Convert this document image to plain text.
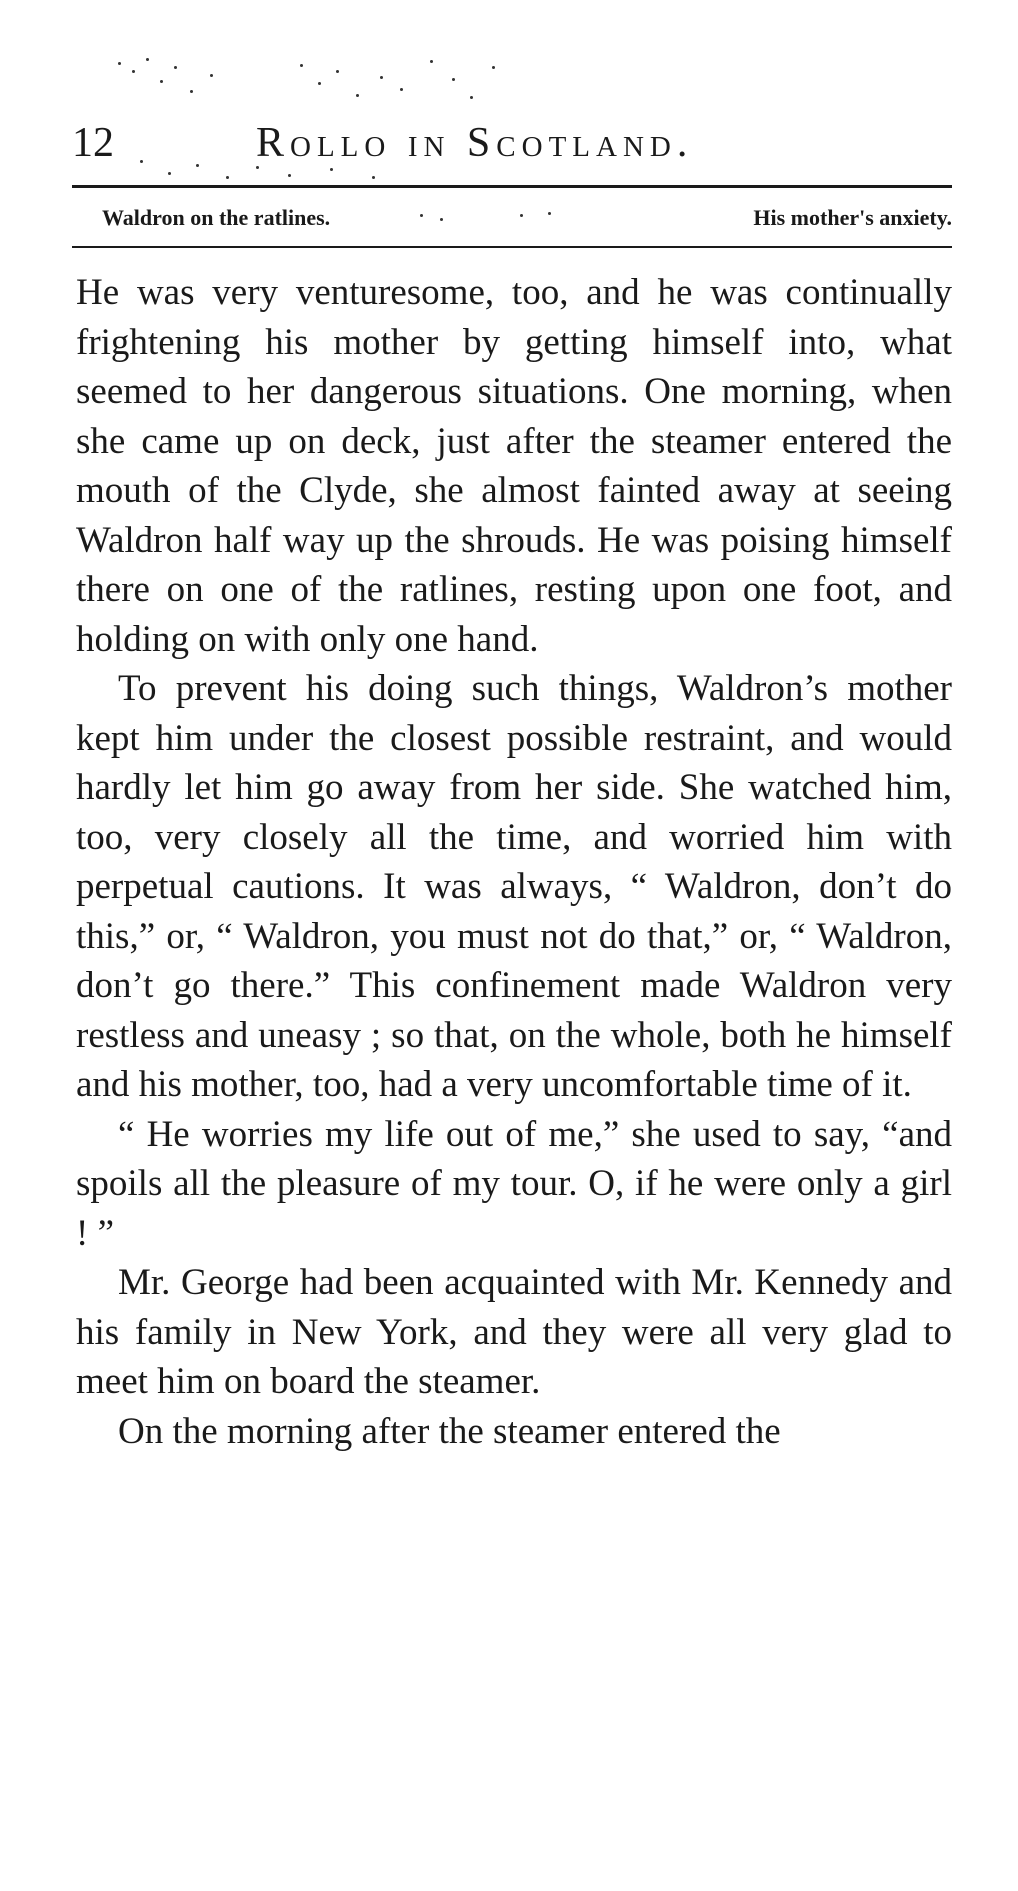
12	Rollo in Scotland.
Waldron on the ratlines.	His mother's anxiety.

He was very venturesome, too, and he was continually frightening his mother by getting himself into, what seemed to her dangerous situations. One morning, when she came up on deck, just after the steamer entered the mouth of the Clyde, she almost fainted away at seeing Waldron half way up the shrouds. He was poising himself there on one of the ratlines, resting upon one foot, and holding on with only one hand.

To prevent his doing such things, Waldron’s mother kept him under the closest possible restraint, and would hardly let him go away from her side. She watched him, too, very closely all the time, and worried him with perpetual cautions. It was always, “ Waldron, don’t do this,” or, “ Waldron, you must not do that,” or, “ Waldron, don’t go there.” This confinement made Waldron very restless and uneasy ; so that, on the whole, both he himself and his mother, too, had a very uncomfortable time of it.

“ He worries my life out of me,” she used to say, “and spoils all the pleasure of my tour. O, if he were only a girl ! ”

Mr. George had been acquainted with Mr. Kennedy and his family in New York, and they were all very glad to meet him on board the steamer.

On the morning after the steamer entered the
